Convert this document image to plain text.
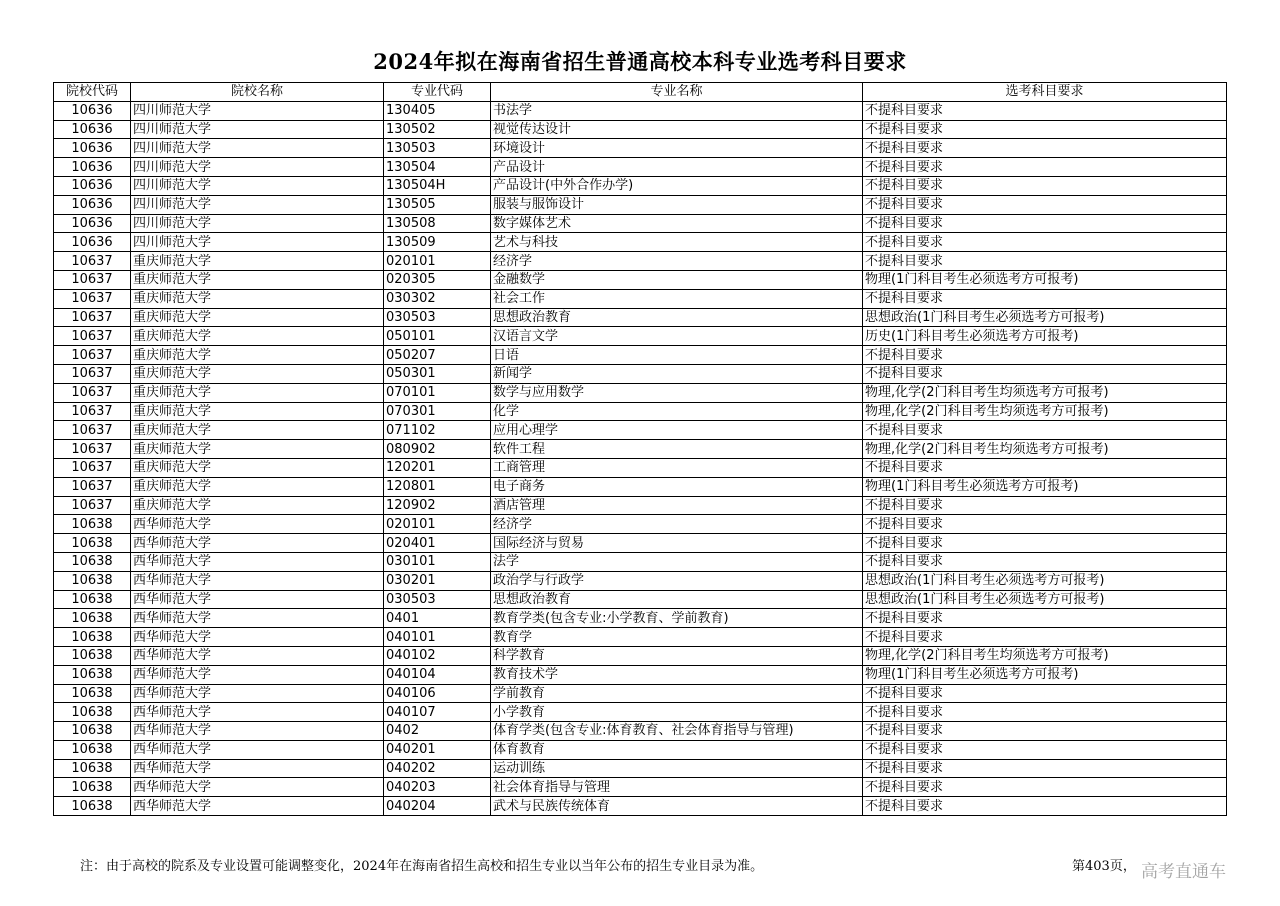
2024年拟在海南省招生普通高校本科专业选考科目要求
院校代码	院校名称	专业代码	专业名称	选考科目要求
10636	四川师范大学	130405	书法学	不提科目要求
10636	四川师范大学	130502	视觉传达设计	不提科目要求
10636	四川师范大学	130503	环境设计	不提科目要求
10636	四川师范大学	130504	产品设计	不提科目要求
10636	四川师范大学	130504H	产品设计(中外合作办学)	不提科目要求
10636	四川师范大学	130505	服装与服饰设计	不提科目要求
10636	四川师范大学	130508	数字媒体艺术	不提科目要求
10636	四川师范大学	130509	艺术与科技	不提科目要求
10637	重庆师范大学	020101	经济学	不提科目要求
10637	重庆师范大学	020305	金融数学	物理(1门科目考生必须选考方可报考)
10637	重庆师范大学	030302	社会工作	不提科目要求
10637	重庆师范大学	030503	思想政治教育	思想政治(1门科目考生必须选考方可报考)
10637	重庆师范大学	050101	汉语言文学	历史(1门科目考生必须选考方可报考)
10637	重庆师范大学	050207	日语	不提科目要求
10637	重庆师范大学	050301	新闻学	不提科目要求
10637	重庆师范大学	070101	数学与应用数学	物理,化学(2门科目考生均须选考方可报考)
10637	重庆师范大学	070301	化学	物理,化学(2门科目考生均须选考方可报考)
10637	重庆师范大学	071102	应用心理学	不提科目要求
10637	重庆师范大学	080902	软件工程	物理,化学(2门科目考生均须选考方可报考)
10637	重庆师范大学	120201	工商管理	不提科目要求
10637	重庆师范大学	120801	电子商务	物理(1门科目考生必须选考方可报考)
10637	重庆师范大学	120902	酒店管理	不提科目要求
10638	西华师范大学	020101	经济学	不提科目要求
10638	西华师范大学	020401	国际经济与贸易	不提科目要求
10638	西华师范大学	030101	法学	不提科目要求
10638	西华师范大学	030201	政治学与行政学	思想政治(1门科目考生必须选考方可报考)
10638	西华师范大学	030503	思想政治教育	思想政治(1门科目考生必须选考方可报考)
10638	西华师范大学	0401	教育学类(包含专业:小学教育、学前教育)	不提科目要求
10638	西华师范大学	040101	教育学	不提科目要求
10638	西华师范大学	040102	科学教育	物理,化学(2门科目考生均须选考方可报考)
10638	西华师范大学	040104	教育技术学	物理(1门科目考生必须选考方可报考)
10638	西华师范大学	040106	学前教育	不提科目要求
10638	西华师范大学	040107	小学教育	不提科目要求
10638	西华师范大学	0402	体育学类(包含专业:体育教育、社会体育指导与管理)	不提科目要求
10638	西华师范大学	040201	体育教育	不提科目要求
10638	西华师范大学	040202	运动训练	不提科目要求
10638	西华师范大学	040203	社会体育指导与管理	不提科目要求
10638	西华师范大学	040204	武术与民族传统体育	不提科目要求
注：由于高校的院系及专业设置可能调整变化，2024年在海南省招生高校和招生专业以当年公布的招生专业目录为准。	第403页， 高考直通车
